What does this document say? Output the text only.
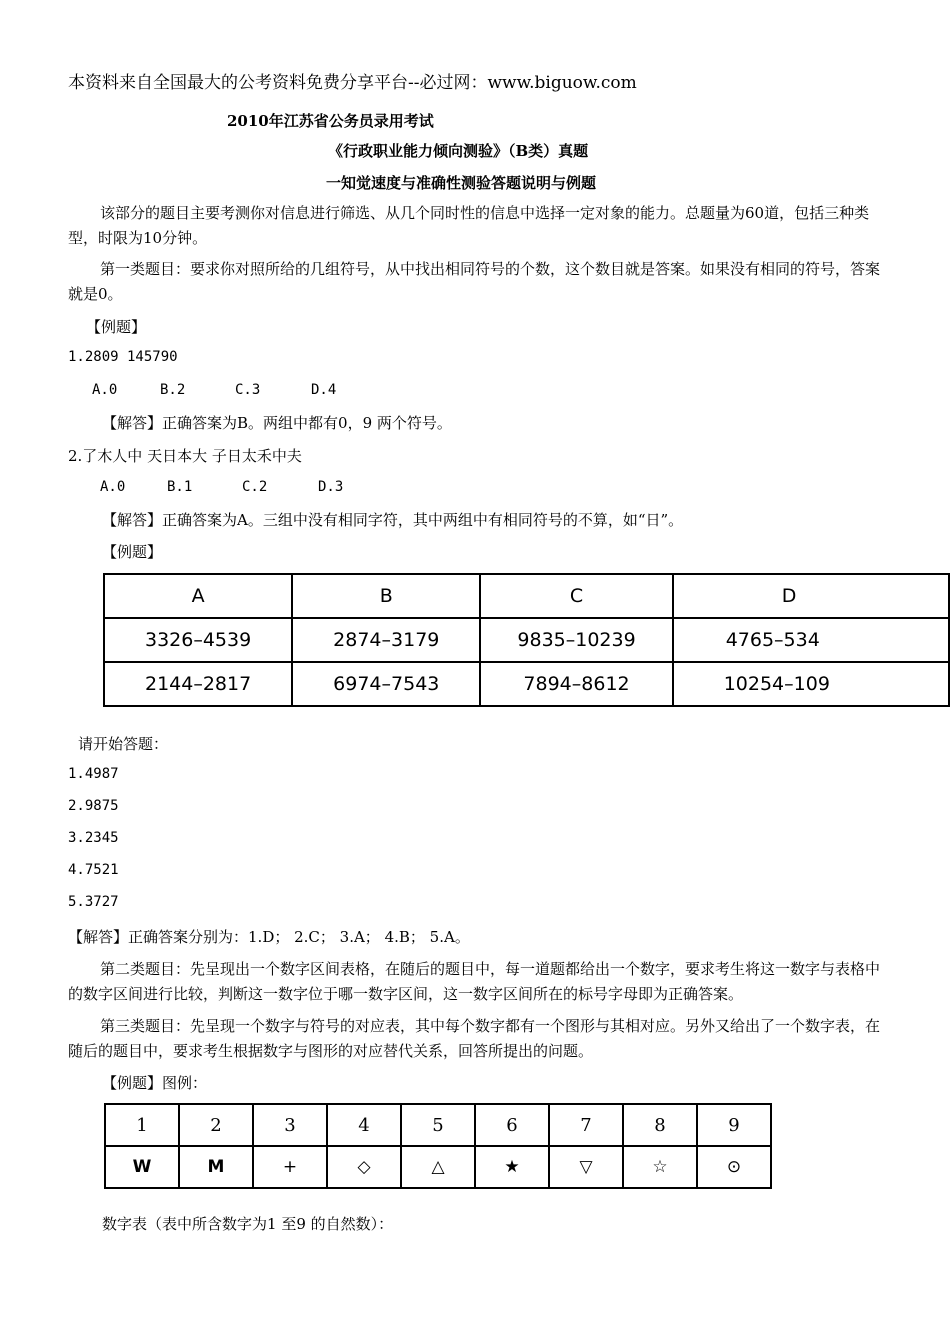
本资料来自全国最大的公考资料免费分享平台--必过网：www.biguow.com
2010年江苏省公务员录用考试
《行政职业能力倾向测验》（B类）真题
一知觉速度与准确性测验答题说明与例题
该部分的题目主要考测你对信息进行筛选、从几个同时性的信息中选择一定对象的能力。总题量为60道，包括三种类型，时限为10分钟。
第一类题目：要求你对照所给的几组符号，从中找出相同符号的个数，这个数目就是答案。如果没有相同的符号，答案就是0。
【例题】
1.2809 145790
A.0	B.2	C.3	D.4
【解答】正确答案为B。两组中都有0，9 两个符号。
2.了木人中 天日本大 子日太禾中夫
A.0	B.1	C.2	D.3
【解答】正确答案为A。三组中没有相同字符，其中两组中有相同符号的不算，如“日”。
【例题】
A	B	C	D
3326–4539	2874–3179	9835–10239	4765–534
2144–2817	6974–7543	7894–8612	10254–109
请开始答题：
1.4987
2.9875
3.2345
4.7521
5.3727
【解答】正确答案分别为：1.D； 2.C； 3.A； 4.B； 5.A。
第二类题目：先呈现出一个数字区间表格，在随后的题目中，每一道题都给出一个数字，要求考生将这一数字与表格中的数字区间进行比较，判断这一数字位于哪一数字区间，这一数字区间所在的标号字母即为正确答案。
第三类题目：先呈现一个数字与符号的对应表，其中每个数字都有一个图形与其相对应。另外又给出了一个数字表，在随后的题目中，要求考生根据数字与图形的对应替代关系，回答所提出的问题。
【例题】图例：
1	2	3	4	5	6	7	8	9
W	M	+	◇	△	★	▽	☆	⊙
数字表（表中所含数字为1 至9 的自然数）：
